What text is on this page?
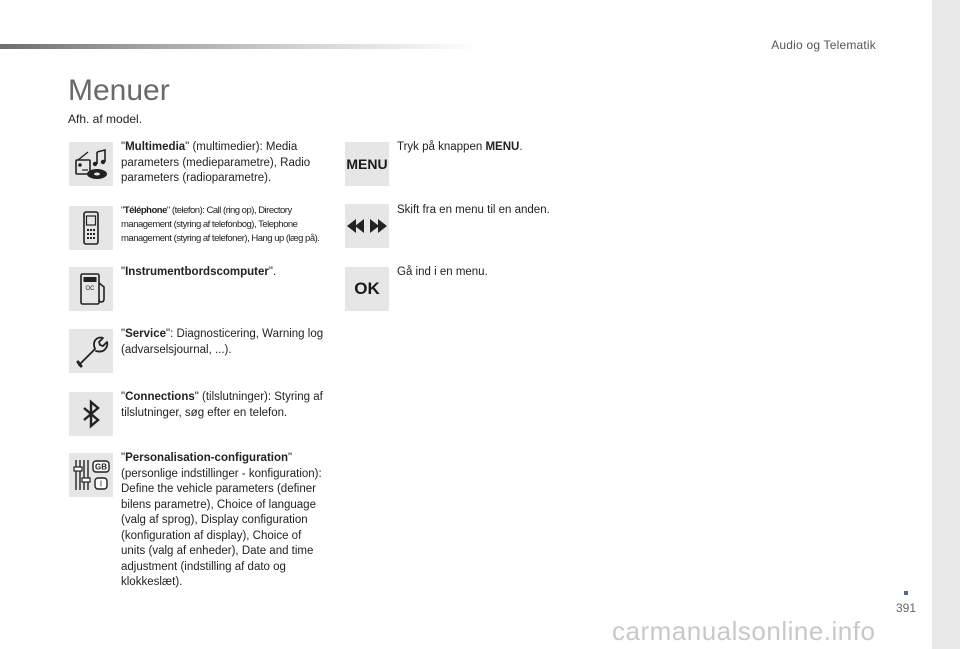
Audio og Telematik
Menuer
Afh. af model.
"Multimedia" (multimedier): Media parameters (medieparametre), Radio parameters (radioparametre).
"Téléphone" (telefon): Call (ring op), Directory management (styring af telefonbog), Telephone management (styring af telefoner), Hang up (læg på).
OC
"Instrumentbordscomputer".
"Service": Diagnosticering, Warning log (advarselsjournal, ...).
"Connections" (tilslutninger): Styring af tilslutninger, søg efter en telefon.
GB
I
"Personalisation-configuration" (personlige indstillinger - konfiguration): Define the vehicle parameters (definer bilens parametre), Choice of language (valg af sprog), Display configuration (konfiguration af display), Choice of units (valg af enheder), Date and time adjustment (indstilling af dato og klokkeslæt).
MENU
Tryk på knappen MENU.
Skift fra en menu til en anden.
OK
Gå ind i en menu.
391
carmanualsonline.info
